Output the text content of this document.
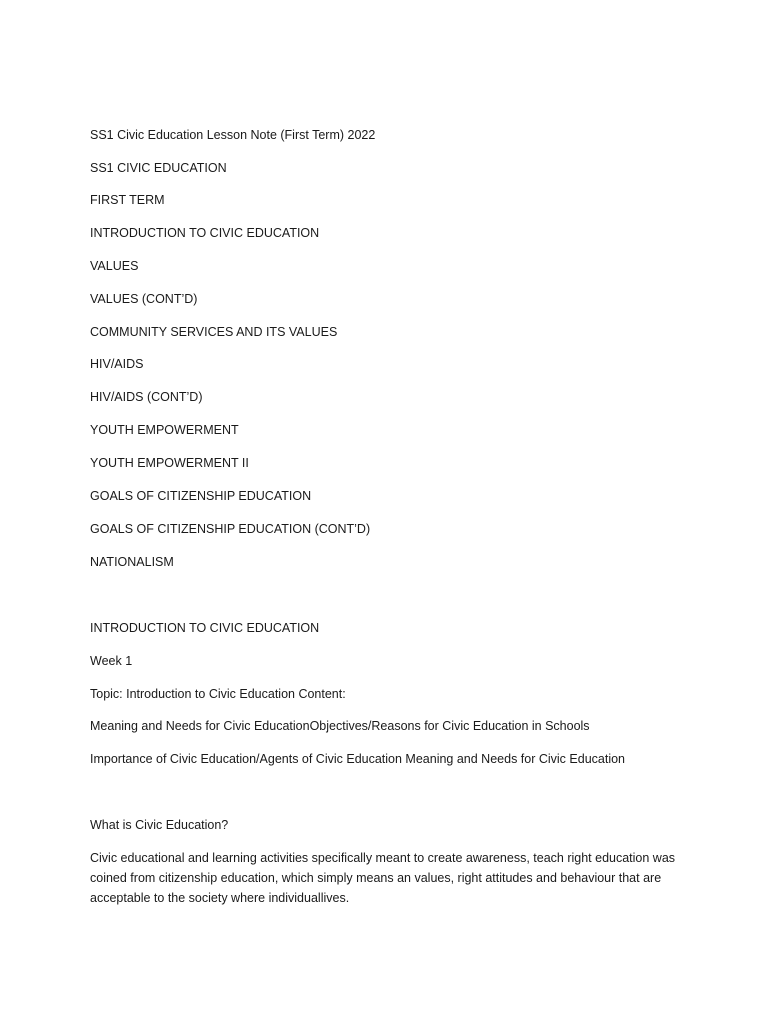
SS1 Civic Education Lesson Note (First Term) 2022
SS1 CIVIC EDUCATION
FIRST TERM
INTRODUCTION TO CIVIC EDUCATION
VALUES
VALUES (CONT’D)
COMMUNITY SERVICES AND ITS VALUES
HIV/AIDS
HIV/AIDS (CONT’D)
YOUTH EMPOWERMENT
YOUTH EMPOWERMENT II
GOALS OF CITIZENSHIP EDUCATION
GOALS OF CITIZENSHIP EDUCATION (CONT’D)
NATIONALISM
INTRODUCTION TO CIVIC EDUCATION
Week 1
Topic: Introduction to Civic Education Content:
Meaning and Needs for Civic EducationObjectives/Reasons for Civic Education in Schools
Importance of Civic Education/Agents of Civic Education Meaning and Needs for Civic Education
What is Civic Education?
Civic educational and learning activities specifically meant to create awareness, teach right education was coined from citizenship education, which simply means an values, right attitudes and behaviour that are acceptable to the society where individuallives.
